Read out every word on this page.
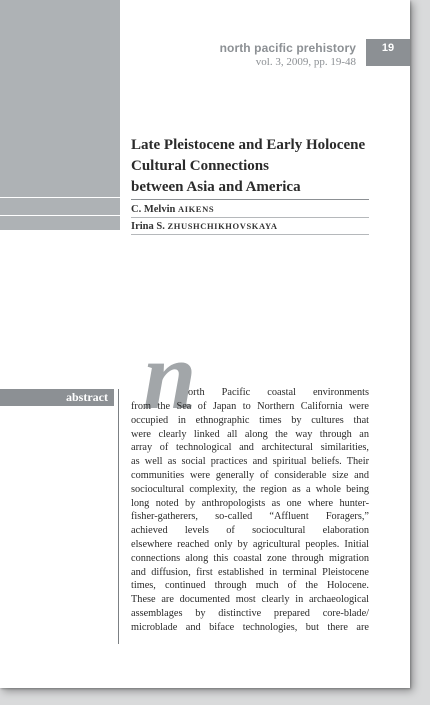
north pacific prehistory
vol. 3, 2009, pp. 19-48
19
Late Pleistocene and Early Holocene
Cultural Connections
between Asia and America
C. Melvin AIKENS
Irina S. ZHUSHCHIKHOVSKAYA
abstract n
orth Pacific coastal environments
from the Sea of Japan to Northern California were
occupied in ethnographic times by cultures that
were clearly linked all along the way through an
array of technological and architectural similarities,
as well as social practices and spiritual beliefs. Their
communities were generally of considerable size and
sociocultural complexity, the region as a whole being
long noted by anthropologists as one where hunter-
fisher-gatherers, so-called “Affluent Foragers,”
achieved levels of sociocultural elaboration
elsewhere reached only by agricultural peoples. Initial
connections along this coastal zone through migration
and diffusion, first established in terminal Pleistocene
times, continued through much of the Holocene.
These are documented most clearly in archaeological
assemblages by distinctive prepared core-blade/
microblade and biface technologies, but there are
